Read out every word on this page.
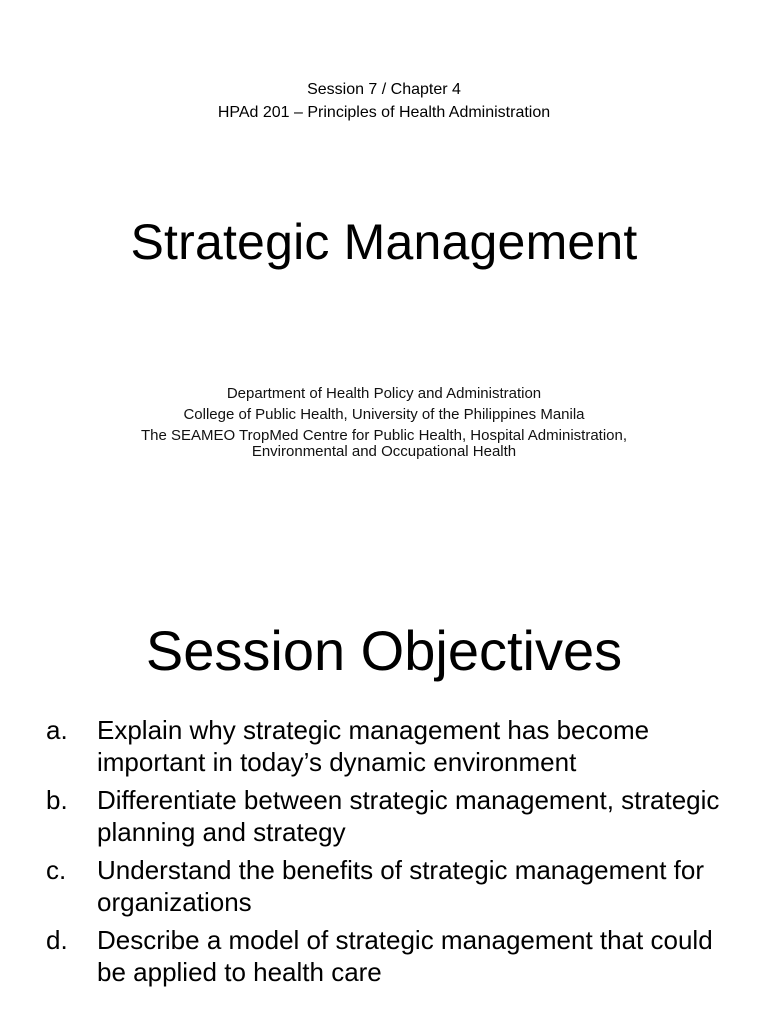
Session 7 / Chapter 4
HPAd 201 – Principles of Health Administration
Strategic Management
Department of Health Policy and Administration
College of Public Health, University of the Philippines Manila
The SEAMEO TropMed Centre for Public Health, Hospital Administration,
Environmental and Occupational Health
Session Objectives
a. Explain why strategic management has become important in today’s dynamic environment
b. Differentiate between strategic management, strategic planning and strategy
c. Understand the benefits of strategic management for organizations
d. Describe a model of strategic management that could be applied to health care
